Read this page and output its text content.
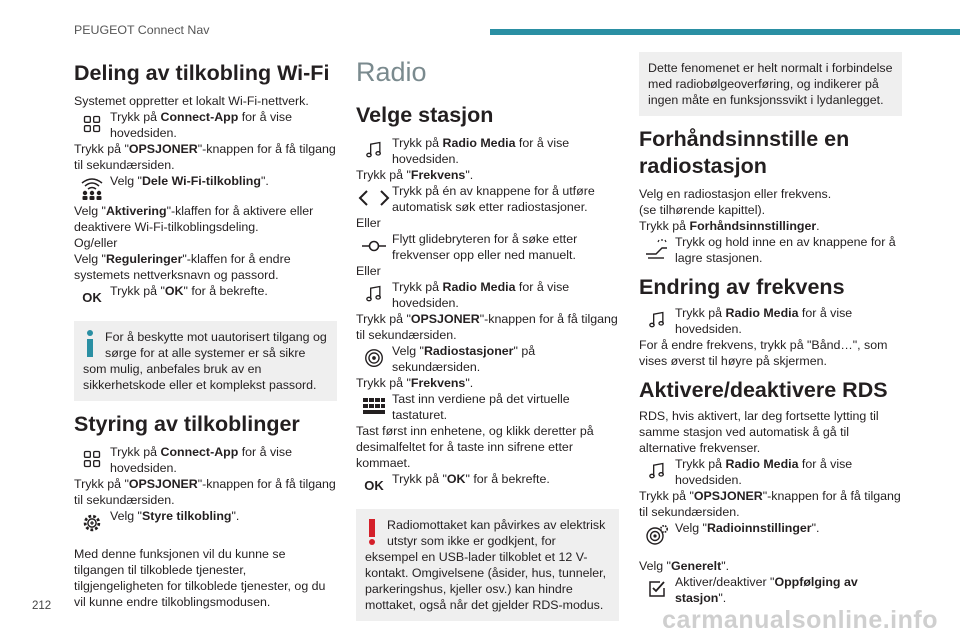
PEUGEOT Connect Nav
Deling av tilkobling Wi-Fi

Systemet oppretter et lokalt Wi-Fi-nettverk.

Trykk på Connect-App for å vise hovedsiden.

Trykk på "OPSJONER"-knappen for å få tilgang til sekundærsiden.

Velg "Dele Wi-Fi-tilkobling".

Velg "Aktivering"-klaffen for å aktivere eller deaktivere Wi-Fi-tilkoblingsdeling.

Og/eller

Velg "Reguleringer"-klaffen for å endre systemets nettverksnavn og passord.

OK Trykk på "OK" for å bekrefte.
For å beskytte mot uautorisert tilgang og sørge for at alle systemer er så sikre som mulig, anbefales bruk av en sikkerhetskode eller et komplekst passord.
Styring av tilkoblinger
Trykk på Connect-App for å vise hovedsiden.

Trykk på "OPSJONER"-knappen for å få tilgang til sekundærsiden.

Velg "Styre tilkobling".

Med denne funksjonen vil du kunne se tilgangen til tilkoblede tjenester, tilgjengeligheten for tilkoblede tjenester, og du vil kunne endre tilkoblingsmodusen.

Radio
Velge stasjon
Trykk på Radio Media for å vise hovedsiden.

Trykk på "Frekvens".

Trykk på én av knappene for å utføre automatisk søk etter radiostasjoner.

Eller

Flytt glidebryteren for å søke etter frekvenser opp eller ned manuelt.

Eller

Trykk på Radio Media for å vise hovedsiden.

Trykk på "OPSJONER"-knappen for å få tilgang til sekundærsiden.

Velg "Radiostasjoner" på sekundærsiden.

Trykk på "Frekvens".

Tast inn verdiene på det virtuelle tastaturet.

Tast først inn enhetene, og klikk deretter på desimalfeltet for å taste inn sifrene etter kommaet.

OK Trykk på "OK" for å bekrefte.
Radiomottaket kan påvirkes av elektrisk utstyr som ikke er godkjent, for eksempel en USB-lader tilkoblet et 12 V-kontakt. Omgivelsene (åsider, hus, tunneler, parkeringshus, kjeller osv.) kan hindre mottaket, også når det gjelder RDS-modus.
Dette fenomenet er helt normalt i forbindelse med radiobølgeoverføring, og indikerer på ingen måte en funksjonssvikt i lydanlegget.
Forhåndsinnstille en radiostasjon

Velg en radiostasjon eller frekvens.

(se tilhørende kapittel).

Trykk på Forhåndsinnstillinger.

Trykk og hold inne en av knappene for å lagre stasjonen.
Endring av frekvens
Trykk på Radio Media for å vise hovedsiden.

For å endre frekvens, trykk på "Bånd…", som vises øverst til høyre på skjermen.

Aktivere/deaktivere RDS

RDS, hvis aktivert, lar deg fortsette lytting til samme stasjon ved automatisk å gå til alternative frekvenser.

Trykk på Radio Media for å vise hovedsiden.

Trykk på "OPSJONER"-knappen for å få tilgang til sekundærsiden.

Velg "Radioinnstillinger".

Velg "Generelt".

Aktiver/deaktiver "Oppfølging av stasjon".
212	carmanualsonline.info
